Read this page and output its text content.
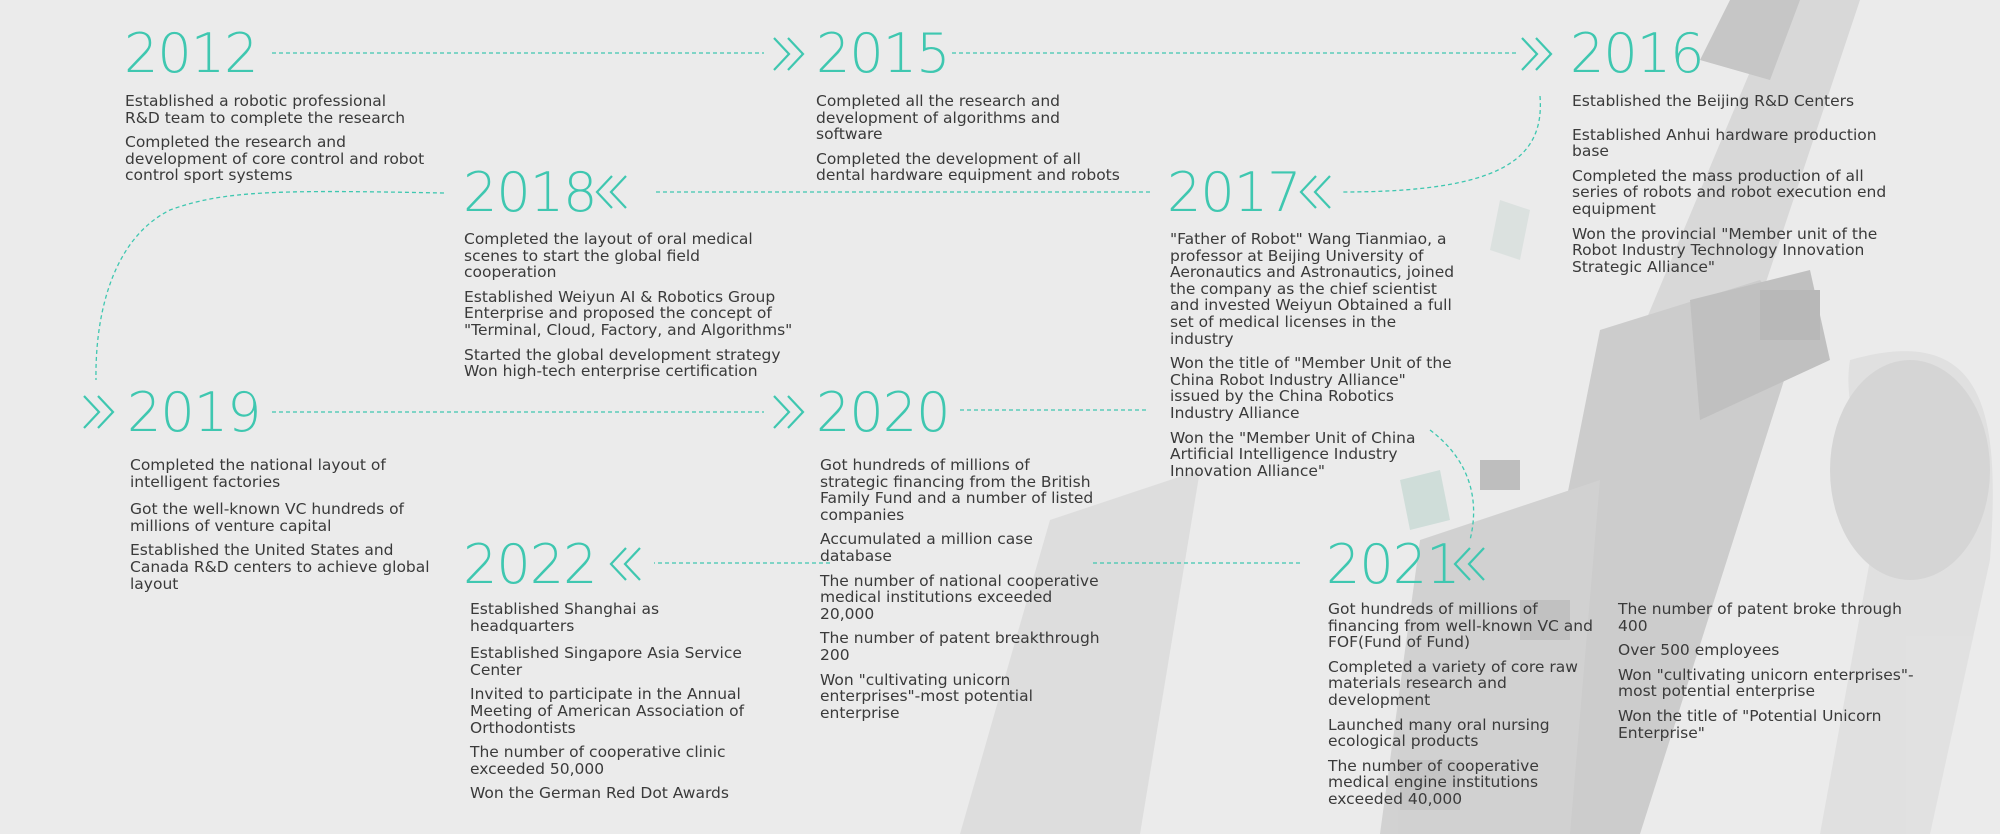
2012

Established a robotic professional R&D team to complete the research

Completed the research and development of core control and robot control sport systems

2015

Completed all the research and development of algorithms and software

Completed the development of all dental hardware equipment and robots

2016

Established the Beijing R&D Centers

Established Anhui hardware production base

Completed the mass production of all series of robots and robot execution end equipment

Won the provincial "Member unit of the Robot Industry Technology Innovation Strategic Alliance"

2018

Completed the layout of oral medical scenes to start the global field cooperation

Established Weiyun AI & Robotics Group Enterprise and proposed the concept of "Terminal, Cloud, Factory, and Algorithms"

Started the global development strategy Won high-tech enterprise certification

2017

"Father of Robot" Wang Tianmiao, a professor at Beijing University of Aeronautics and Astronautics, joined the company as the chief scientist and invested Weiyun Obtained a full set of medical licenses in the industry

Won the title of "Member Unit of the China Robot Industry Alliance" issued by the China Robotics Industry Alliance

Won the "Member Unit of China Artificial Intelligence Industry Innovation Alliance"

2019

Completed the national layout of intelligent factories

Got the well-known VC hundreds of millions of venture capital

Established the United States and Canada R&D centers to achieve global layout

2020

Got hundreds of millions of strategic financing from the British Family Fund and a number of listed companies

Accumulated a million case database

The number of national cooperative medical institutions exceeded 20,000

The number of patent breakthrough 200

Won "cultivating unicorn enterprises"-most potential enterprise

2022

Established Shanghai as headquarters

Established Singapore Asia Service Center

Invited to participate in the Annual Meeting of American Association of Orthodontists

The number of cooperative clinic exceeded 50,000

Won the German Red Dot Awards

2021

Got hundreds of millions of financing from well-known VC and FOF(Fund of Fund)

Completed a variety of core raw materials research and development

Launched many oral nursing ecological products

The number of cooperative medical engine institutions exceeded 40,000

The number of patent broke through 400

Over 500 employees

Won "cultivating unicorn enterprises"-most potential enterprise

Won the title of "Potential Unicorn Enterprise"
